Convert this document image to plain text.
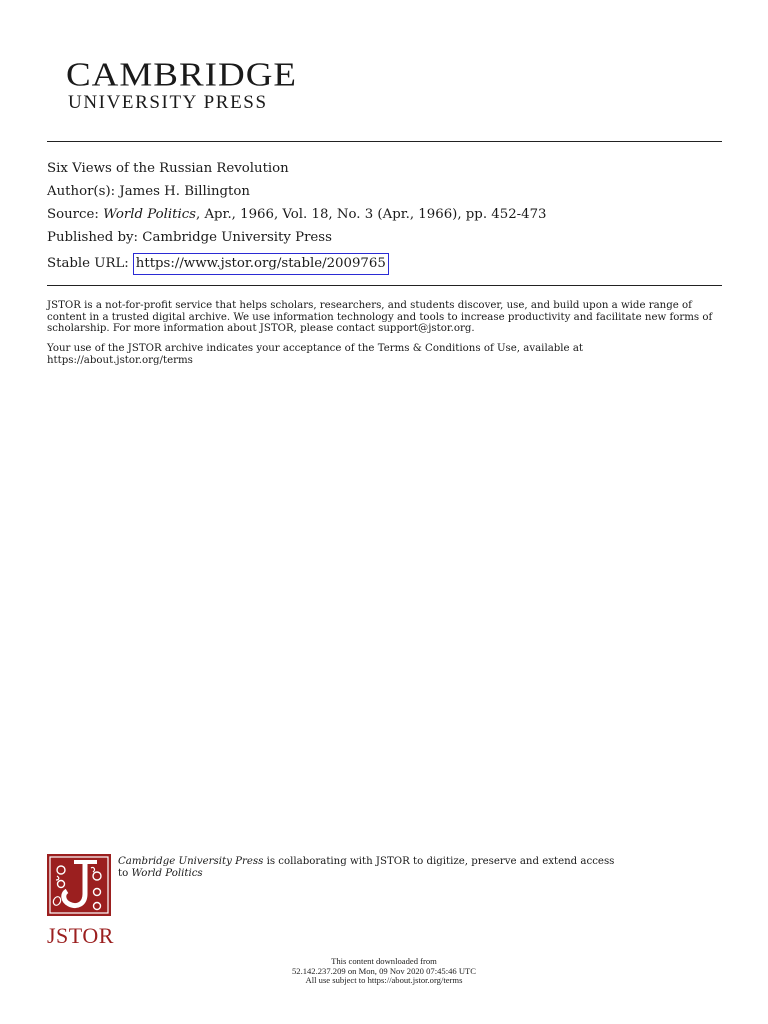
CAMBRIDGE
UNIVERSITY PRESS
Six Views of the Russian Revolution
Author(s): James H. Billington
Source: World Politics, Apr., 1966, Vol. 18, No. 3 (Apr., 1966), pp. 452-473
Published by: Cambridge University Press
Stable URL: https://www.jstor.org/stable/2009765
JSTOR is a not-for-profit service that helps scholars, researchers, and students discover, use, and build upon a wide range of content in a trusted digital archive. We use information technology and tools to increase productivity and facilitate new forms of scholarship. For more information about JSTOR, please contact support@jstor.org.
Your use of the JSTOR archive indicates your acceptance of the Terms & Conditions of Use, available at
https://about.jstor.org/terms
JSTOR
Cambridge University Press is collaborating with JSTOR to digitize, preserve and extend access
to World Politics
This content downloaded from
52.142.237.209 on Mon, 09 Nov 2020 07:45:46 UTC
All use subject to https://about.jstor.org/terms
